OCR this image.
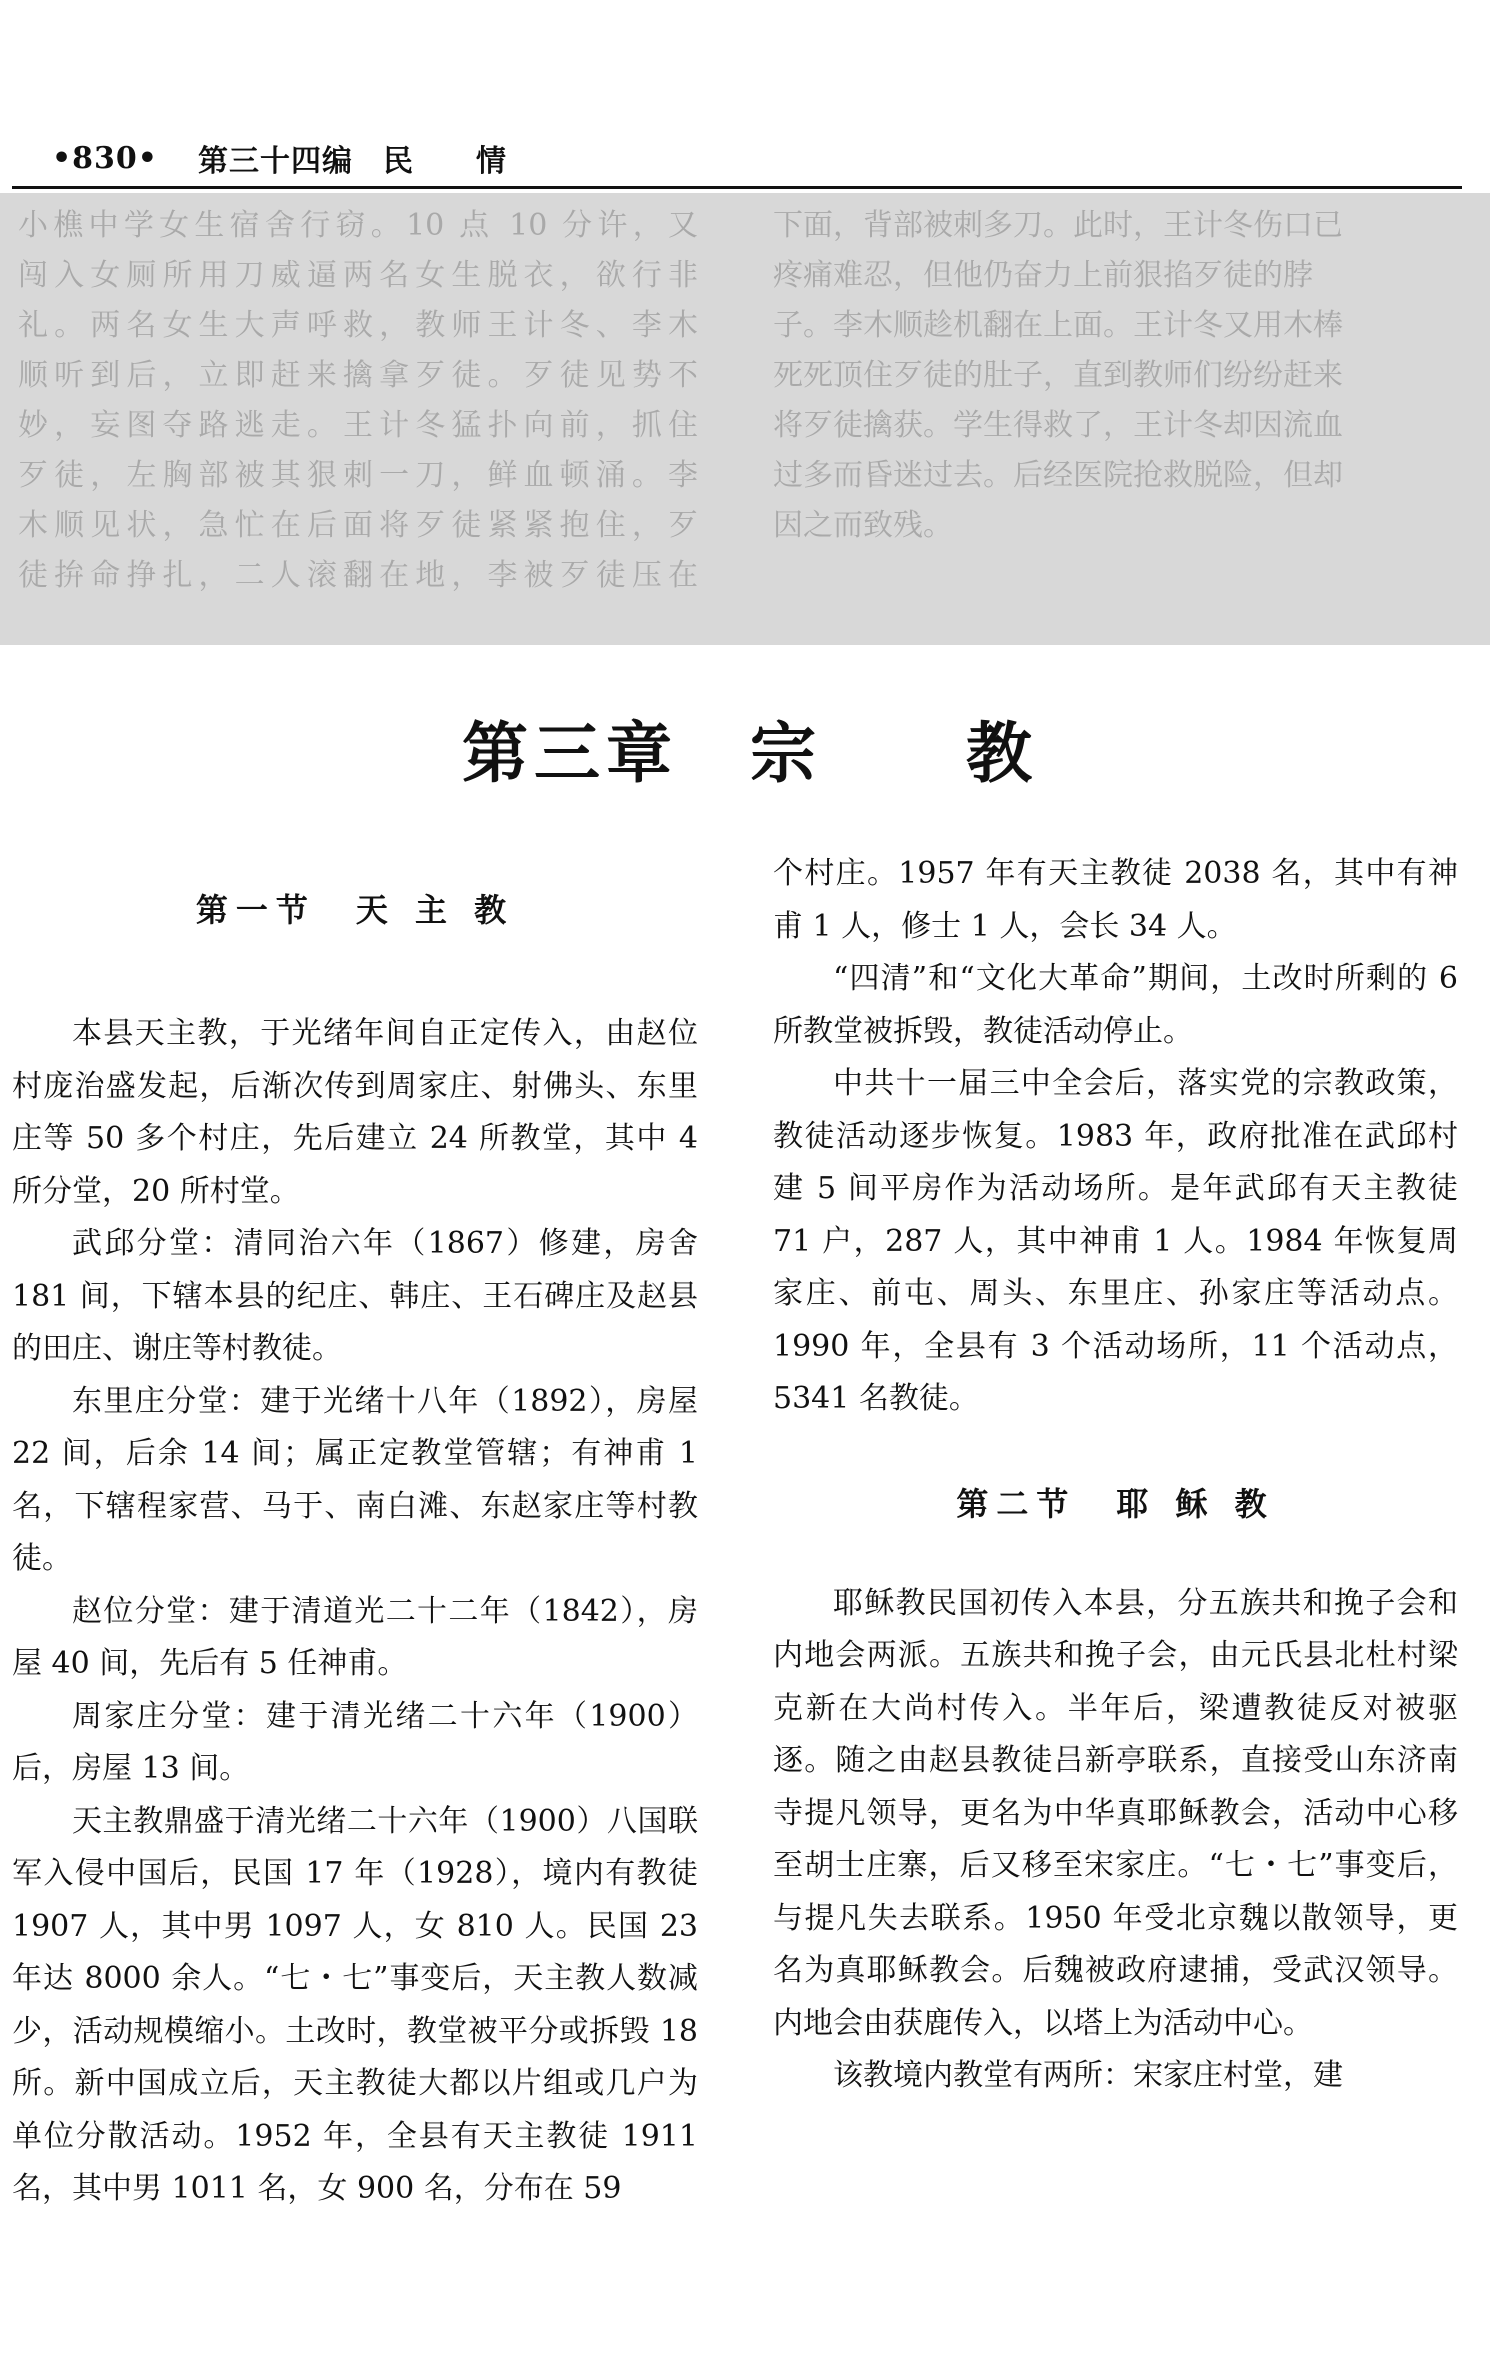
•830• 第三十四编 民　　情

小樵中学女生宿舍行窃。10 点 10 分许，又

闯入女厕所用刀威逼两名女生脱衣，欲行非

礼。两名女生大声呼救，教师王计冬、李木

顺听到后，立即赶来擒拿歹徒。歹徒见势不

妙，妄图夺路逃走。王计冬猛扑向前，抓住

歹徒，左胸部被其狠刺一刀，鲜血顿涌。李

木顺见状，急忙在后面将歹徒紧紧抱住，歹

徒拚命挣扎，二人滚翻在地，李被歹徒压在

下面，背部被刺多刀。此时，王计冬伤口已

疼痛难忍，但他仍奋力上前狠掐歹徒的脖

子。李木顺趁机翻在上面。王计冬又用木棒

死死顶住歹徒的肚子，直到教师们纷纷赶来

将歹徒擒获。学生得救了，王计冬却因流血

过多而昏迷过去。后经医院抢救脱险，但却

因之而致残。

第三章　宗　　教
第一节　天 主 教

本县天主教，于光绪年间自正定传入，由赵位村庞治盛发起，后渐次传到周家庄、射佛头、东里庄等 50 多个村庄，先后建立 24 所教堂，其中 4 所分堂，20 所村堂。

武邱分堂：清同治六年（1867）修建，房舍 181 间，下辖本县的纪庄、韩庄、王石碑庄及赵县的田庄、谢庄等村教徒。

东里庄分堂：建于光绪十八年（1892），房屋 22 间，后余 14 间；属正定教堂管辖；有神甫 1 名，下辖程家营、马于、南白滩、东赵家庄等村教徒。

赵位分堂：建于清道光二十二年（1842），房屋 40 间，先后有 5 任神甫。

周家庄分堂：建于清光绪二十六年（1900）后，房屋 13 间。

天主教鼎盛于清光绪二十六年（1900）八国联军入侵中国后，民国 17 年（1928），境内有教徒 1907 人，其中男 1097 人，女 810 人。民国 23 年达 8000 余人。“七・七”事变后，天主教人数减少，活动规模缩小。土改时，教堂被平分或拆毁 18 所。新中国成立后，天主教徒大都以片组或几户为单位分散活动。1952 年，全县有天主教徒 1911 名，其中男 1011 名，女 900 名，分布在 59

个村庄。1957 年有天主教徒 2038 名，其中有神甫 1 人，修士 1 人，会长 34 人。

“四清”和“文化大革命”期间，土改时所剩的 6 所教堂被拆毁，教徒活动停止。

中共十一届三中全会后，落实党的宗教政策，教徒活动逐步恢复。1983 年，政府批准在武邱村建 5 间平房作为活动场所。是年武邱有天主教徒 71 户，287 人，其中神甫 1 人。1984 年恢复周家庄、前屯、周头、东里庄、孙家庄等活动点。1990 年，全县有 3 个活动场所，11 个活动点，5341 名教徒。

第二节　耶 稣 教

耶稣教民国初传入本县，分五族共和挽子会和内地会两派。五族共和挽子会，由元氏县北杜村梁克新在大尚村传入。半年后，梁遭教徒反对被驱逐。随之由赵县教徒吕新亭联系，直接受山东济南寺提凡领导，更名为中华真耶稣教会，活动中心移至胡士庄寨，后又移至宋家庄。“七・七”事变后，与提凡失去联系。1950 年受北京魏以散领导，更名为真耶稣教会。后魏被政府逮捕，受武汉领导。内地会由获鹿传入，以塔上为活动中心。

该教境内教堂有两所：宋家庄村堂，建
